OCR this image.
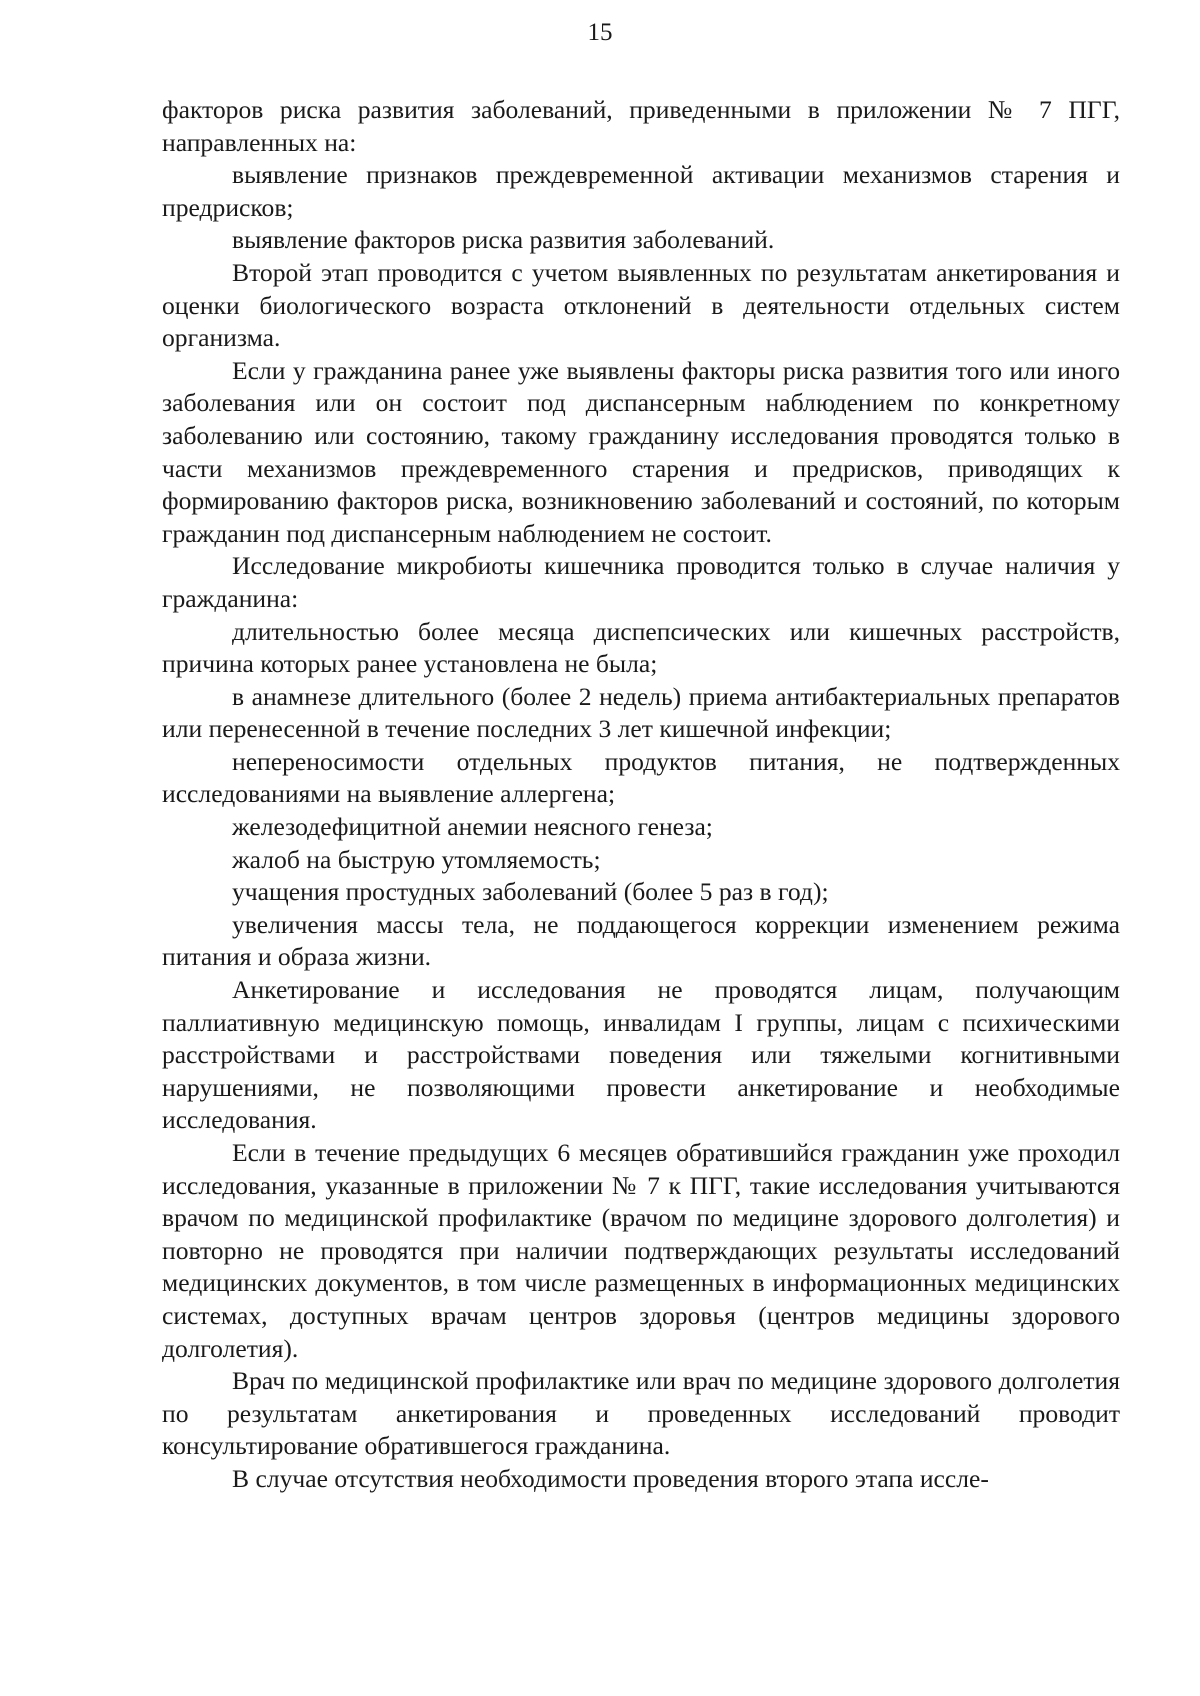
15

факторов риска развития заболеваний, приведенными в приложении № 7 ПГГ, направленных на:

выявление признаков преждевременной активации механизмов старения и предрисков;

выявление факторов риска развития заболеваний.

Второй этап проводится с учетом выявленных по результатам анкетирования и оценки биологического возраста отклонений в деятельности отдельных систем организма.

Если у гражданина ранее уже выявлены факторы риска развития того или иного заболевания или он состоит под диспансерным наблюдением по конкретному заболеванию или состоянию, такому гражданину исследования проводятся только в части механизмов преждевременного старения и предрисков, приводящих к формированию факторов риска, возникновению заболеваний и состояний, по которым гражданин под диспансерным наблюдением не состоит.

Исследование микробиоты кишечника проводится только в случае наличия у гражданина:

длительностью более месяца диспепсических или кишечных расстройств, причина которых ранее установлена не была;

в анамнезе длительного (более 2 недель) приема антибактериальных препаратов или перенесенной в течение последних 3 лет кишечной инфекции;

непереносимости отдельных продуктов питания, не подтвержденных исследованиями на выявление аллергена;

железодефицитной анемии неясного генеза;

жалоб на быструю утомляемость;

учащения простудных заболеваний (более 5 раз в год);

увеличения массы тела, не поддающегося коррекции изменением режима питания и образа жизни.

Анкетирование и исследования не проводятся лицам, получающим паллиативную медицинскую помощь, инвалидам I группы, лицам с психическими расстройствами и расстройствами поведения или тяжелыми когнитивными нарушениями, не позволяющими провести анкетирование и необходимые исследования.

Если в течение предыдущих 6 месяцев обратившийся гражданин уже проходил исследования, указанные в приложении № 7 к ПГГ, такие исследования учитываются врачом по медицинской профилактике (врачом по медицине здорового долголетия) и повторно не проводятся при наличии подтверждающих результаты исследований медицинских документов, в том числе размещенных в информационных медицинских системах, доступных врачам центров здоровья (центров медицины здорового долголетия).

Врач по медицинской профилактике или врач по медицине здорового долголетия по результатам анкетирования и проведенных исследований проводит консультирование обратившегося гражданина.

В случае отсутствия необходимости проведения второго этапа иссле-
